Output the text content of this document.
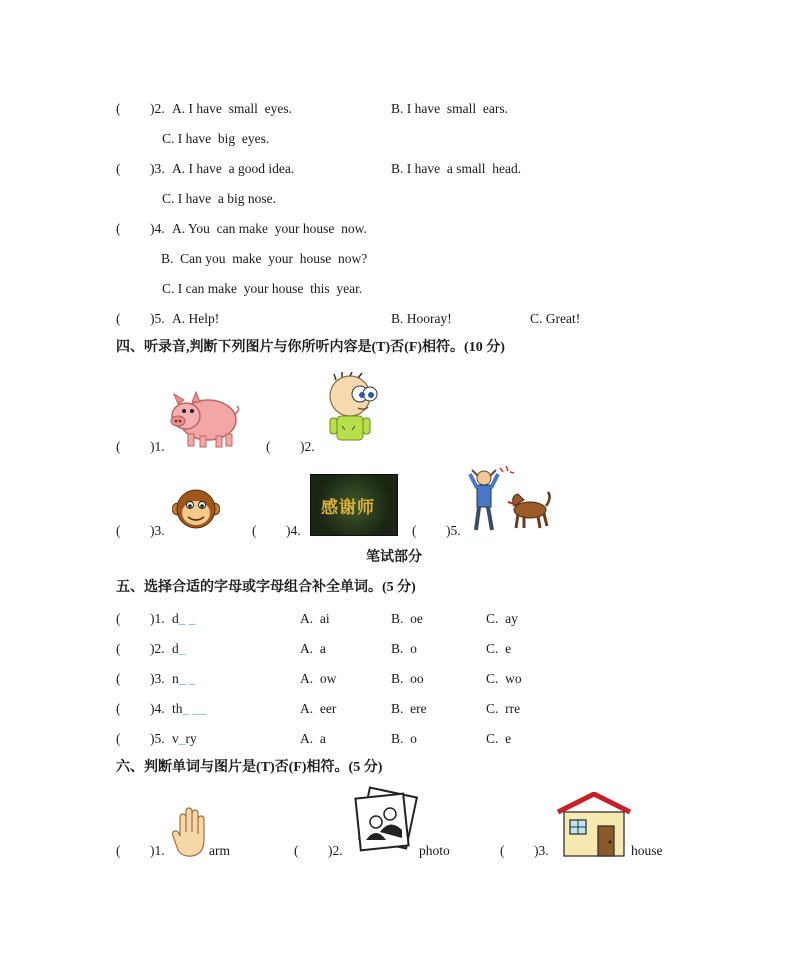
( )2. A. I have  small  eyes.	B. I have  small  ears.
C. I have  big  eyes.
( )3. A. I have  a good idea.	B. I have  a small  head.
C. I have  a big nose.
( )4. A. You  can make  your house  now.
B.  Can you  make  your  house  now?
C. I can make  your house  this  year.
( )5. A. Help!	B. Hooray!	C. Great!
四、听录音,判断下列图片与你所听内容是(T)否(F)相符。(10 分)
( )1.	( )2.
( )3.
感谢师
( )4.	( )5.
笔试部分
五、选择合适的字母或字母组合补全单词。(5 分)
( )1. d_ _	A.  ai	B.  oe	C.  ay
( )2. d_	A.  a	B.  o	C.  e
( )3. n_ _	A.  ow	B.  oo	C.  wo
( )4. th_ __	A.  eer	B.  ere	C.  rre
( )5. v_ry	A.  a	B.  o	C.  e
六、判断单词与图片是(T)否(F)相符。(5 分)
( )1.	arm	( )2.	photo	( )3.	house
